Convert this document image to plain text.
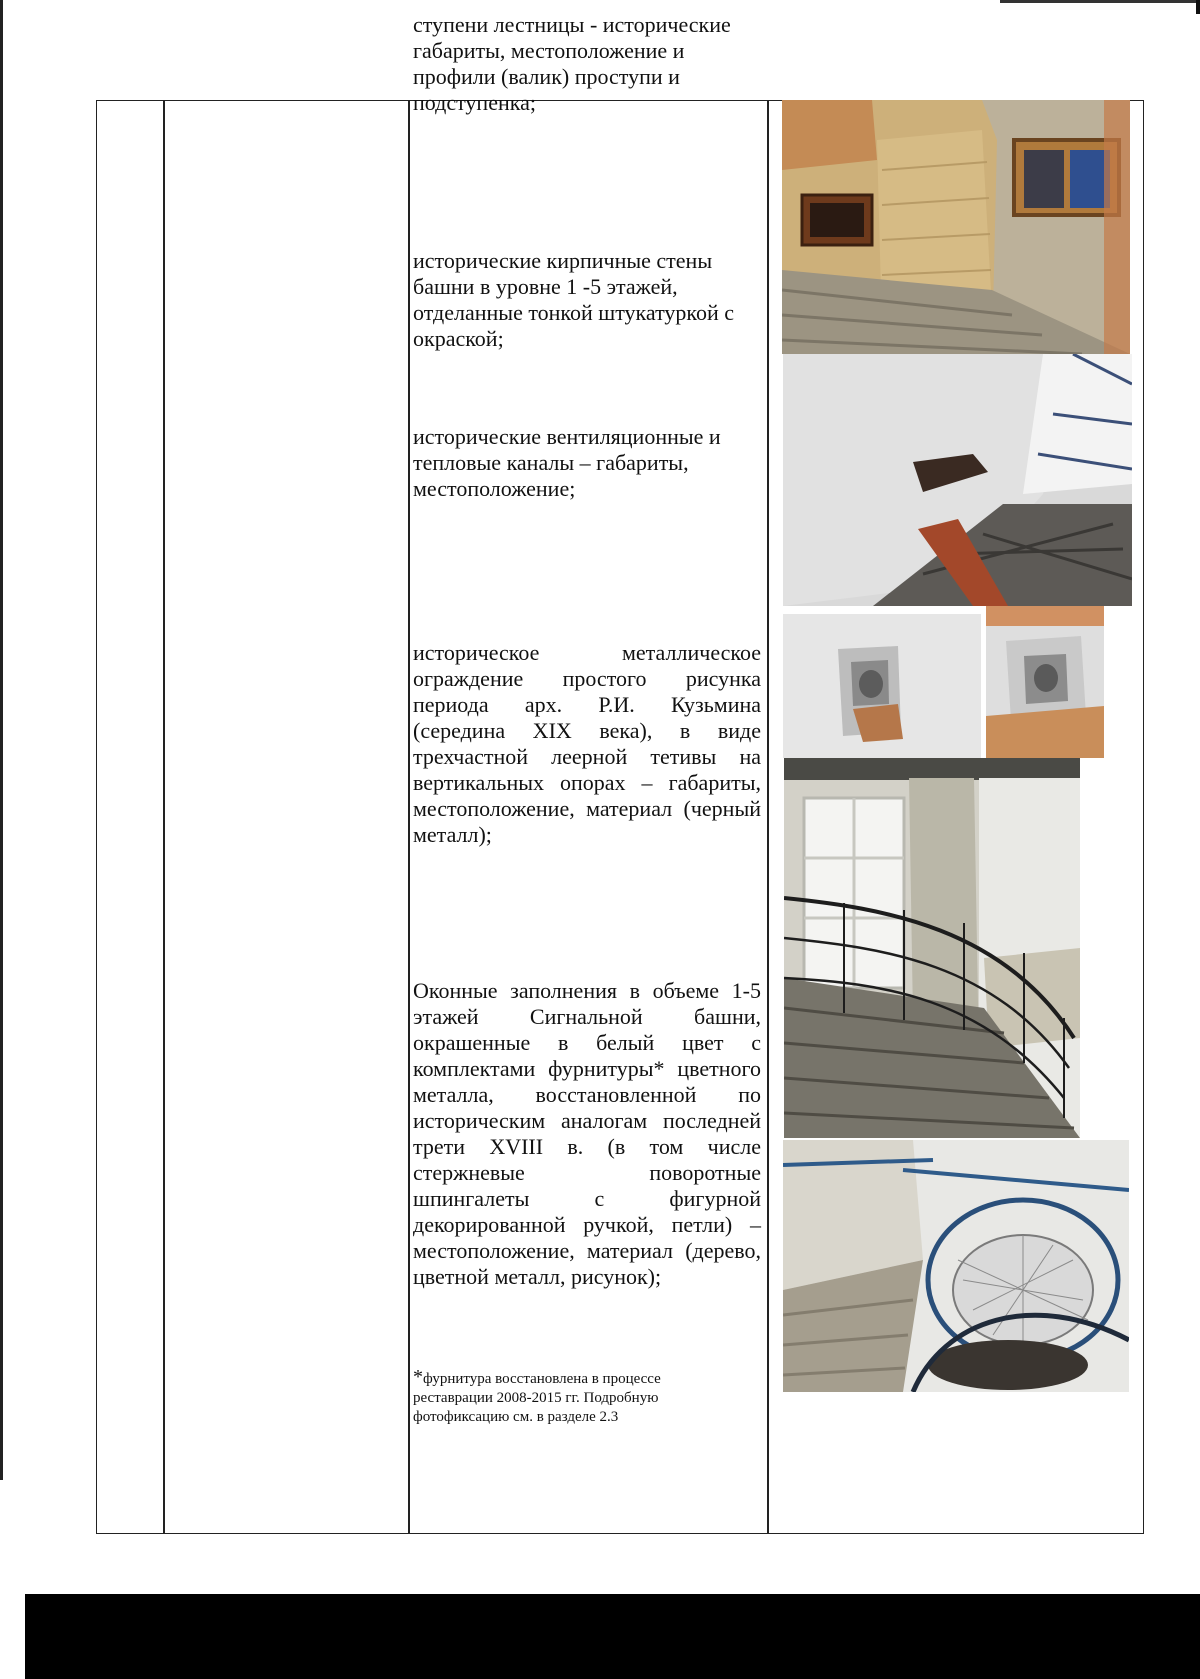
ступени лестницы - исторические габариты, местоположение и профили (валик) проступи и подступенка;

исторические кирпичные стены башни в уровне 1 -5 этажей, отделанные тонкой штукатуркой с окраской;

исторические вентиляционные и тепловые каналы – габариты, местоположение;

историческое металлическое ограждение простого рисунка периода арх. Р.И. Кузьмина (середина XIX века), в виде трехчастной леерной тетивы на вертикальных опорах – габариты, местоположение, материал (черный металл);

Оконные заполнения в объеме 1-5 этажей Сигнальной башни, окрашенные в белый цвет с комплектами фурнитуры* цветного металла, восстановленной по историческим аналогам последней трети XVIII в. (в том числе стержневые поворотные шпингалеты с фигурной декорированной ручкой, петли) – местоположение, материал (дерево, цветной металл, рисунок);

*фурнитура восстановлена в процессе реставрации 2008-2015 гг. Подробную фотофиксацию см. в разделе 2.3
